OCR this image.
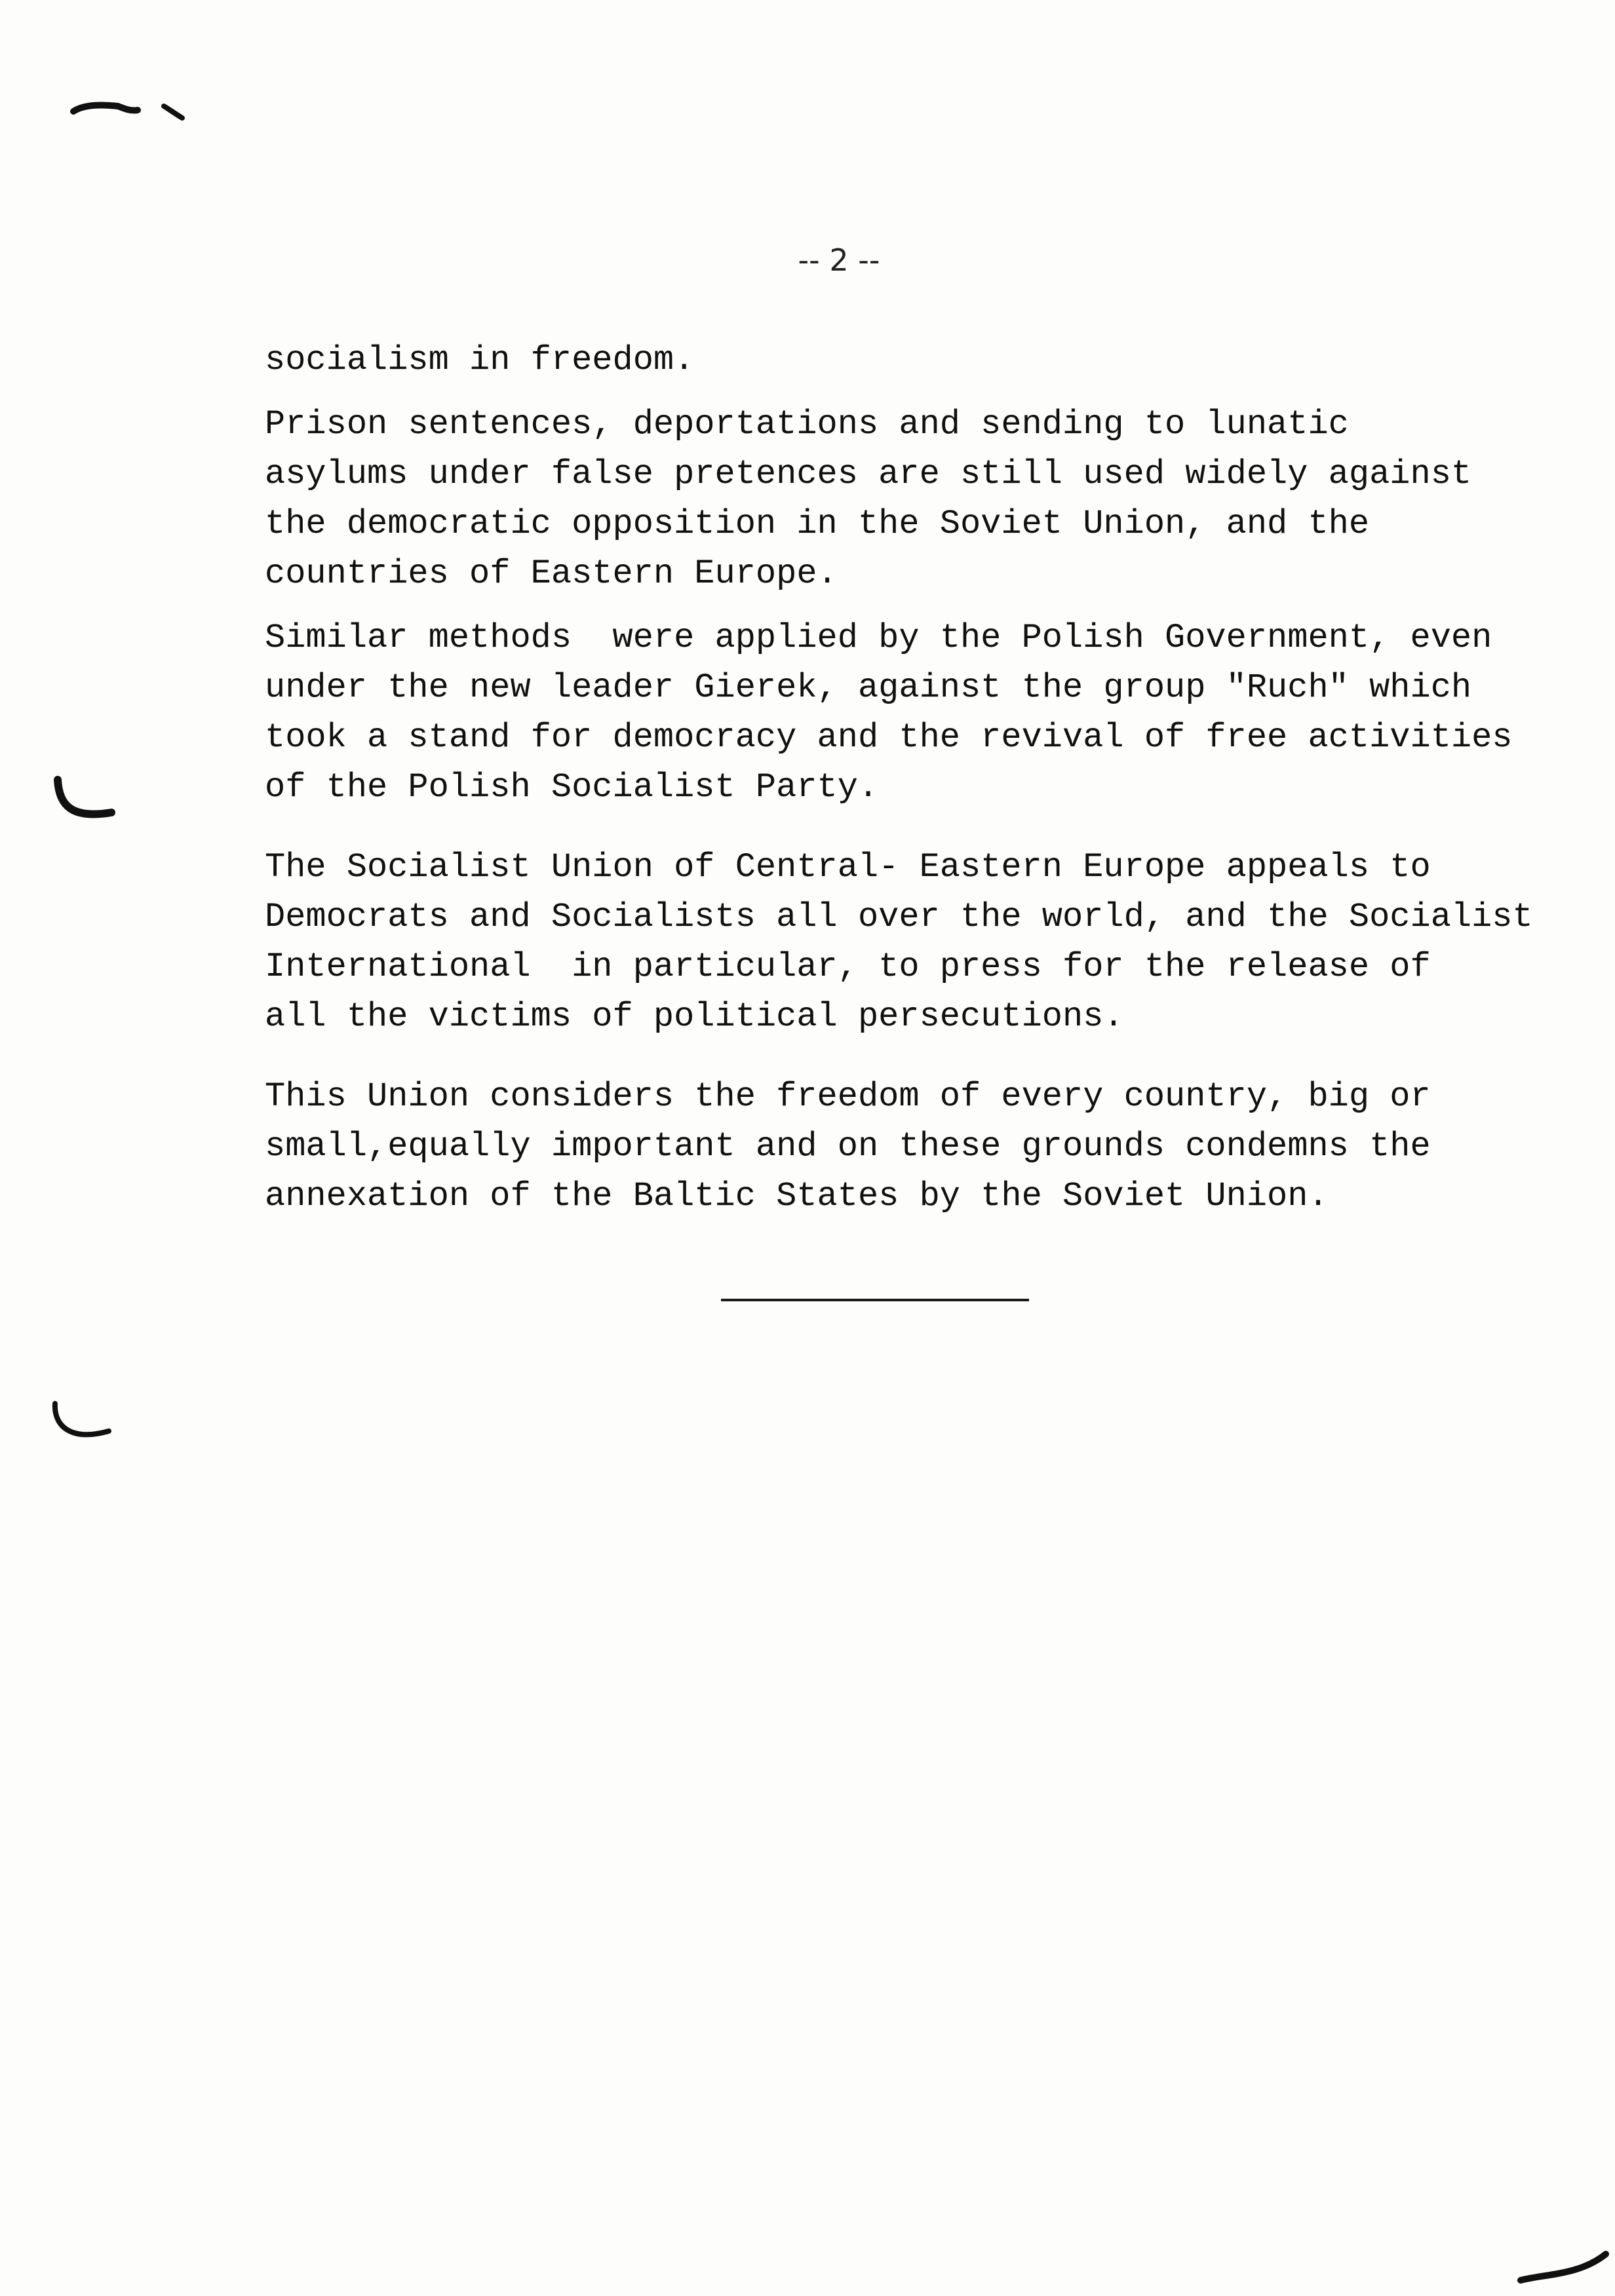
-- 2 --
socialism in freedom.
Prison sentences, deportations and sending to lunatic
asylums under false pretences are still used widely against
the democratic opposition in the Soviet Union, and the
countries of Eastern Europe.
Similar methods  were applied by the Polish Government, even
under the new leader Gierek, against the group "Ruch" which
took a stand for democracy and the revival of free activities
of the Polish Socialist Party.
The Socialist Union of Central- Eastern Europe appeals to
Democrats and Socialists all over the world, and the Socialist
International  in particular, to press for the release of
all the victims of political persecutions.
This Union considers the freedom of every country, big or
small,equally important and on these grounds condemns the
annexation of the Baltic States by the Soviet Union.
